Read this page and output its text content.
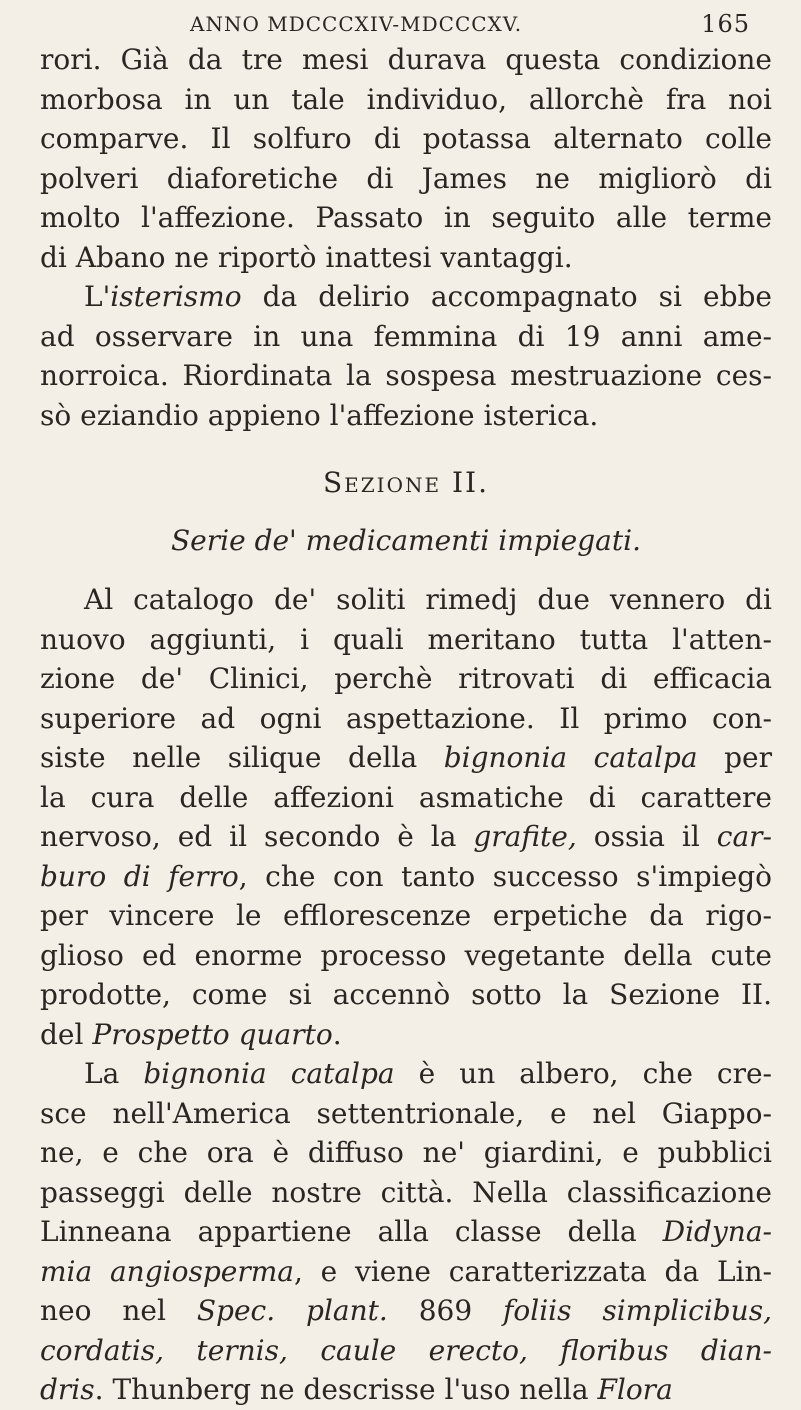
ANNO MDCCCXIV-MDCCCXV.	165

rori. Già da tre mesi durava questa condizione
morbosa in un tale individuo, allorchè fra noi
comparve. Il solfuro di potassa alternato colle
polveri diaforetiche di James ne migliorò di
molto l'affezione. Passato in seguito alle terme
di Abano ne riportò inattesi vantaggi.

L'isterismo da delirio accompagnato si ebbe
ad osservare in una femmina di 19 anni ame-
norroica. Riordinata la sospesa mestruazione ces-
sò eziandio appieno l'affezione isterica.

Sezione II.
Serie de' medicamenti impiegati.

Al catalogo de' soliti rimedj due vennero di
nuovo aggiunti, i quali meritano tutta l'atten-
zione de' Clinici, perchè ritrovati di efficacia
superiore ad ogni aspettazione. Il primo con-
siste nelle silique della bignonia catalpa per
la cura delle affezioni asmatiche di carattere
nervoso, ed il secondo è la grafite, ossia il car-
buro di ferro, che con tanto successo s'impiegò
per vincere le efflorescenze erpetiche da rigo-
glioso ed enorme processo vegetante della cute
prodotte, come si accennò sotto la Sezione II.
del Prospetto quarto.

La bignonia catalpa è un albero, che cre-
sce nell'America settentrionale, e nel Giappo-
ne, e che ora è diffuso ne' giardini, e pubblici
passeggi delle nostre città. Nella classificazione
Linneana appartiene alla classe della Didyna-
mia angiosperma, e viene caratterizzata da Lin-
neo nel Spec. plant. 869 foliis simplicibus,
cordatis, ternis, caule erecto, floribus dian-
dris. Thunberg ne descrisse l'uso nella Flora
